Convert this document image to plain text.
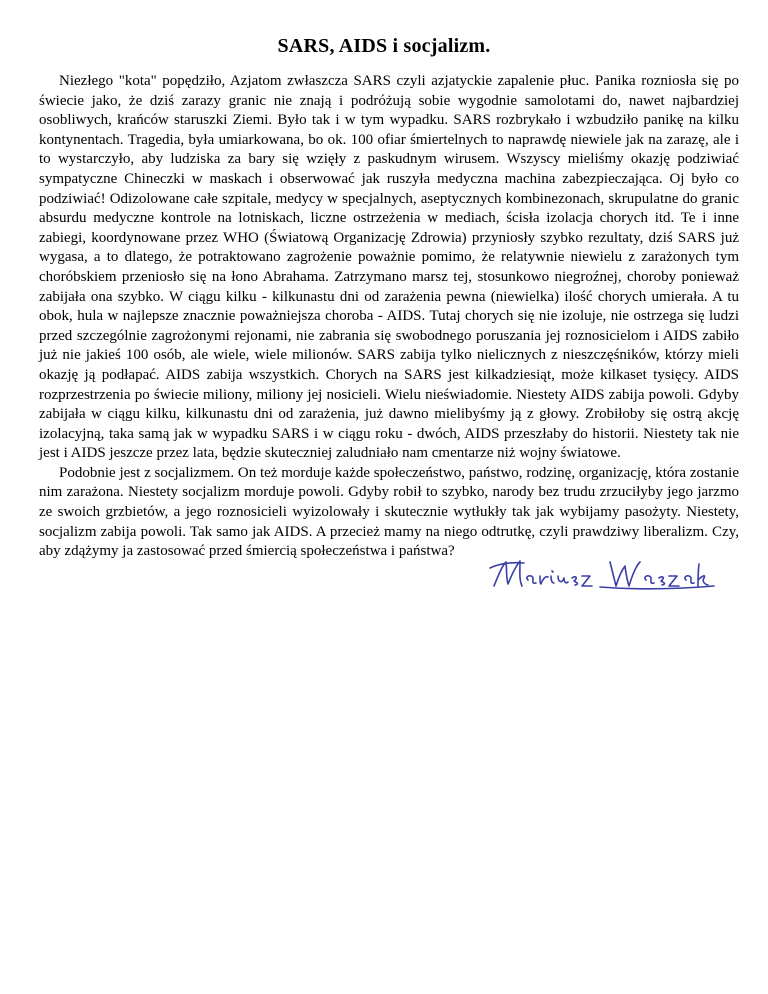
SARS, AIDS i socjalizm.

Niezłego "kota" popędziło, Azjatom zwłaszcza SARS czyli azjatyckie zapalenie płuc. Panika rozniosła się po świecie jako, że dziś zarazy granic nie znają i podróżują sobie wygodnie samolotami do, nawet najbardziej osobliwych, krańców staruszki Ziemi. Było tak i w tym wypadku. SARS rozbrykało i wzbudziło panikę na kilku kontynentach. Tragedia, była umiarkowana, bo ok. 100 ofiar śmiertelnych to naprawdę niewiele jak na zarazę, ale i to wystarczyło, aby ludziska za bary się wzięły z paskudnym wirusem. Wszyscy mieliśmy okazję podziwiać sympatyczne Chineczki w maskach i obserwować jak ruszyła medyczna machina zabezpieczająca. Oj było co podziwiać! Odizolowane całe szpitale, medycy w specjalnych, aseptycznych kombinezonach, skrupulatne do granic absurdu medyczne kontrole na lotniskach, liczne ostrzeżenia w mediach, ścisła izolacja chorych itd. Te i inne zabiegi, koordynowane przez WHO (Światową Organizację Zdrowia) przyniosły szybko rezultaty, dziś SARS już wygasa, a to dlatego, że potraktowano zagrożenie poważnie pomimo, że relatywnie niewielu z zarażonych tym choróbskiem przeniosło się na łono Abrahama. Zatrzymano marsz tej, stosunkowo niegroźnej, choroby ponieważ zabijała ona szybko. W ciągu kilku - kilkunastu dni od zarażenia pewna (niewielka) ilość chorych umierała. A tu obok, hula w najlepsze znacznie poważniejsza choroba - AIDS. Tutaj chorych się nie izoluje, nie ostrzega się ludzi przed szczególnie zagrożonymi rejonami, nie zabrania się swobodnego poruszania jej roznosicielom i AIDS zabiło już nie jakieś 100 osób, ale wiele, wiele milionów. SARS zabija tylko nielicznych z nieszczęśników, którzy mieli okazję ją podłapać. AIDS zabija wszystkich. Chorych na SARS jest kilkadziesiąt, może kilkaset tysięcy. AIDS rozprzestrzenia po świecie miliony, miliony jej nosicieli. Wielu nieświadomie. Niestety AIDS zabija powoli. Gdyby zabijała w ciągu kilku, kilkunastu dni od zarażenia, już dawno mielibyśmy ją z głowy. Zrobiłoby się ostrą akcję izolacyjną, taka samą jak w wypadku SARS i w ciągu roku - dwóch, AIDS przeszłaby do historii. Niestety tak nie jest i AIDS jeszcze przez lata, będzie skuteczniej zaludniało nam cmentarze niż wojny światowe.

Podobnie jest z socjalizmem. On też morduje każde społeczeństwo, państwo, rodzinę, organizację, która zostanie nim zarażona. Niestety socjalizm morduje powoli. Gdyby robił to szybko, narody bez trudu zrzuciłyby jego jarzmo ze swoich grzbietów, a jego roznosicieli wyizolowały i skutecznie wytłukły tak jak wybijamy pasożyty. Niestety, socjalizm zabija powoli. Tak samo jak AIDS. A przecież mamy na niego odtrutkę, czyli prawdziwy liberalizm. Czy, aby zdążymy ja zastosować przed śmiercią społeczeństwa i państwa?
